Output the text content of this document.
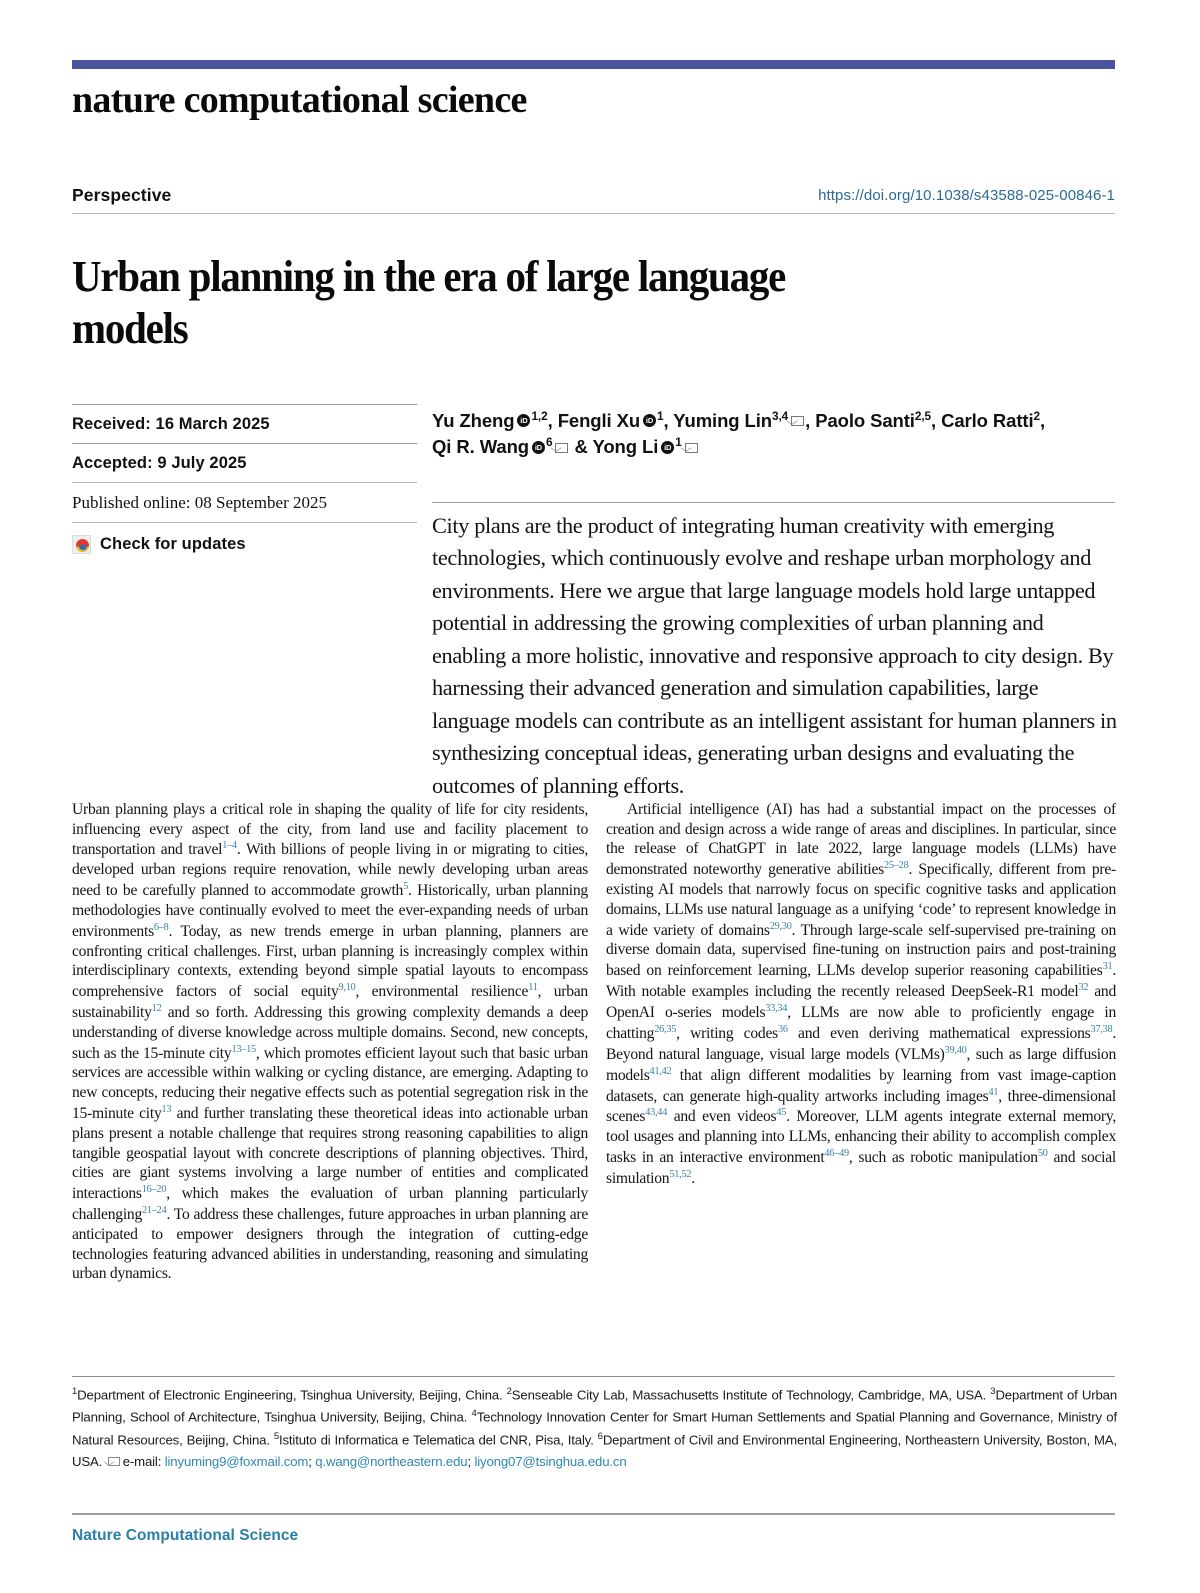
nature computational science
Perspective	https://doi.org/10.1038/s43588-025-00846-1
Urban planning in the era of large language models
Received: 16 March 2025
Accepted: 9 July 2025
Published online: 08 September 2025
Check for updates
Yu Zheng iD $^{1,2}$, Fengli Xu iD $^1$, Yuming Lin$^{3,4}$ , Paolo Santi$^{2,5}$, Carlo Ratti$^2$,
Qi R. Wang iD $^6$ & Yong Li iD $^1$
City plans are the product of integrating human creativity with emerging technologies, which continuously evolve and reshape urban morphology and environments. Here we argue that large language models hold large untapped potential in addressing the growing complexities of urban planning and enabling a more holistic, innovative and responsive approach to city design. By harnessing their advanced generation and simulation capabilities, large language models can contribute as an intelligent assistant for human planners in synthesizing conceptual ideas, generating urban designs and evaluating the outcomes of planning efforts.

Urban planning plays a critical role in shaping the quality of life for city residents, influencing every aspect of the city, from land use and facility placement to transportation and travel$^{1-4}$. With billions of people living in or migrating to cities, developed urban regions require renovation, while newly developing urban areas need to be carefully planned to accommodate growth$^5$. Historically, urban planning methodologies have continually evolved to meet the ever-expanding needs of urban environments$^{6-8}$. Today, as new trends emerge in urban planning, planners are confronting critical challenges. First, urban planning is increasingly complex within interdisciplinary contexts, extending beyond simple spatial layouts to encompass comprehensive factors of social equity$^{9,10}$, environmental resilience$^{11}$, urban sustainability$^{12}$ and so forth. Addressing this growing complexity demands a deep understanding of diverse knowledge across multiple domains. Second, new concepts, such as the 15-minute city$^{13-15}$, which promotes efficient layout such that basic urban services are accessible within walking or cycling distance, are emerging. Adapting to new concepts, reducing their negative effects such as potential segregation risk in the 15-minute city$^{13}$ and further translating these theoretical ideas into actionable urban plans present a notable challenge that requires strong reasoning capabilities to align tangible geospatial layout with concrete descriptions of planning objectives. Third, cities are giant systems involving a large number of entities and complicated interactions$^{16-20}$, which makes the evaluation of urban planning particularly challenging$^{21-24}$. To address these challenges, future approaches in urban planning are anticipated to empower designers through the integration of cutting-edge technologies featuring advanced abilities in understanding, reasoning and simulating urban dynamics.

Artificial intelligence (AI) has had a substantial impact on the processes of creation and design across a wide range of areas and disciplines. In particular, since the release of ChatGPT in late 2022, large language models (LLMs) have demonstrated noteworthy generative abilities$^{25-28}$. Specifically, different from pre-existing AI models that narrowly focus on specific cognitive tasks and application domains, LLMs use natural language as a unifying ‘code’ to represent knowledge in a wide variety of domains$^{29,30}$. Through large-scale self-supervised pre-training on diverse domain data, supervised fine-tuning on instruction pairs and post-training based on reinforcement learning, LLMs develop superior reasoning capabilities$^{31}$. With notable examples including the recently released DeepSeek-R1 model$^{32}$ and OpenAI o-series models$^{33,34}$, LLMs are now able to proficiently engage in chatting$^{26,35}$, writing codes$^{36}$ and even deriving mathematical expressions$^{37,38}$. Beyond natural language, visual large models (VLMs)$^{39,40}$, such as large diffusion models$^{41,42}$ that align different modalities by learning from vast image-caption datasets, can generate high-quality artworks including images$^{41}$, three-dimensional scenes$^{43,44}$ and even videos$^{45}$. Moreover, LLM agents integrate external memory, tool usages and planning into LLMs, enhancing their ability to accomplish complex tasks in an interactive environment$^{46-49}$, such as robotic manipulation$^{50}$ and social simulation$^{51,52}$.

$^1$Department of Electronic Engineering, Tsinghua University, Beijing, China. $^2$Senseable City Lab, Massachusetts Institute of Technology, Cambridge, MA, USA. $^3$Department of Urban Planning, School of Architecture, Tsinghua University, Beijing, China. $^4$Technology Innovation Center for Smart Human Settlements and Spatial Planning and Governance, Ministry of Natural Resources, Beijing, China. $^5$Istituto di Informatica e Telematica del CNR, Pisa, Italy. $^6$Department of Civil and Environmental Engineering, Northeastern University, Boston, MA, USA. e-mail: linyuming9@foxmail.com; q.wang@northeastern.edu; liyong07@tsinghua.edu.cn
Nature Computational Science
